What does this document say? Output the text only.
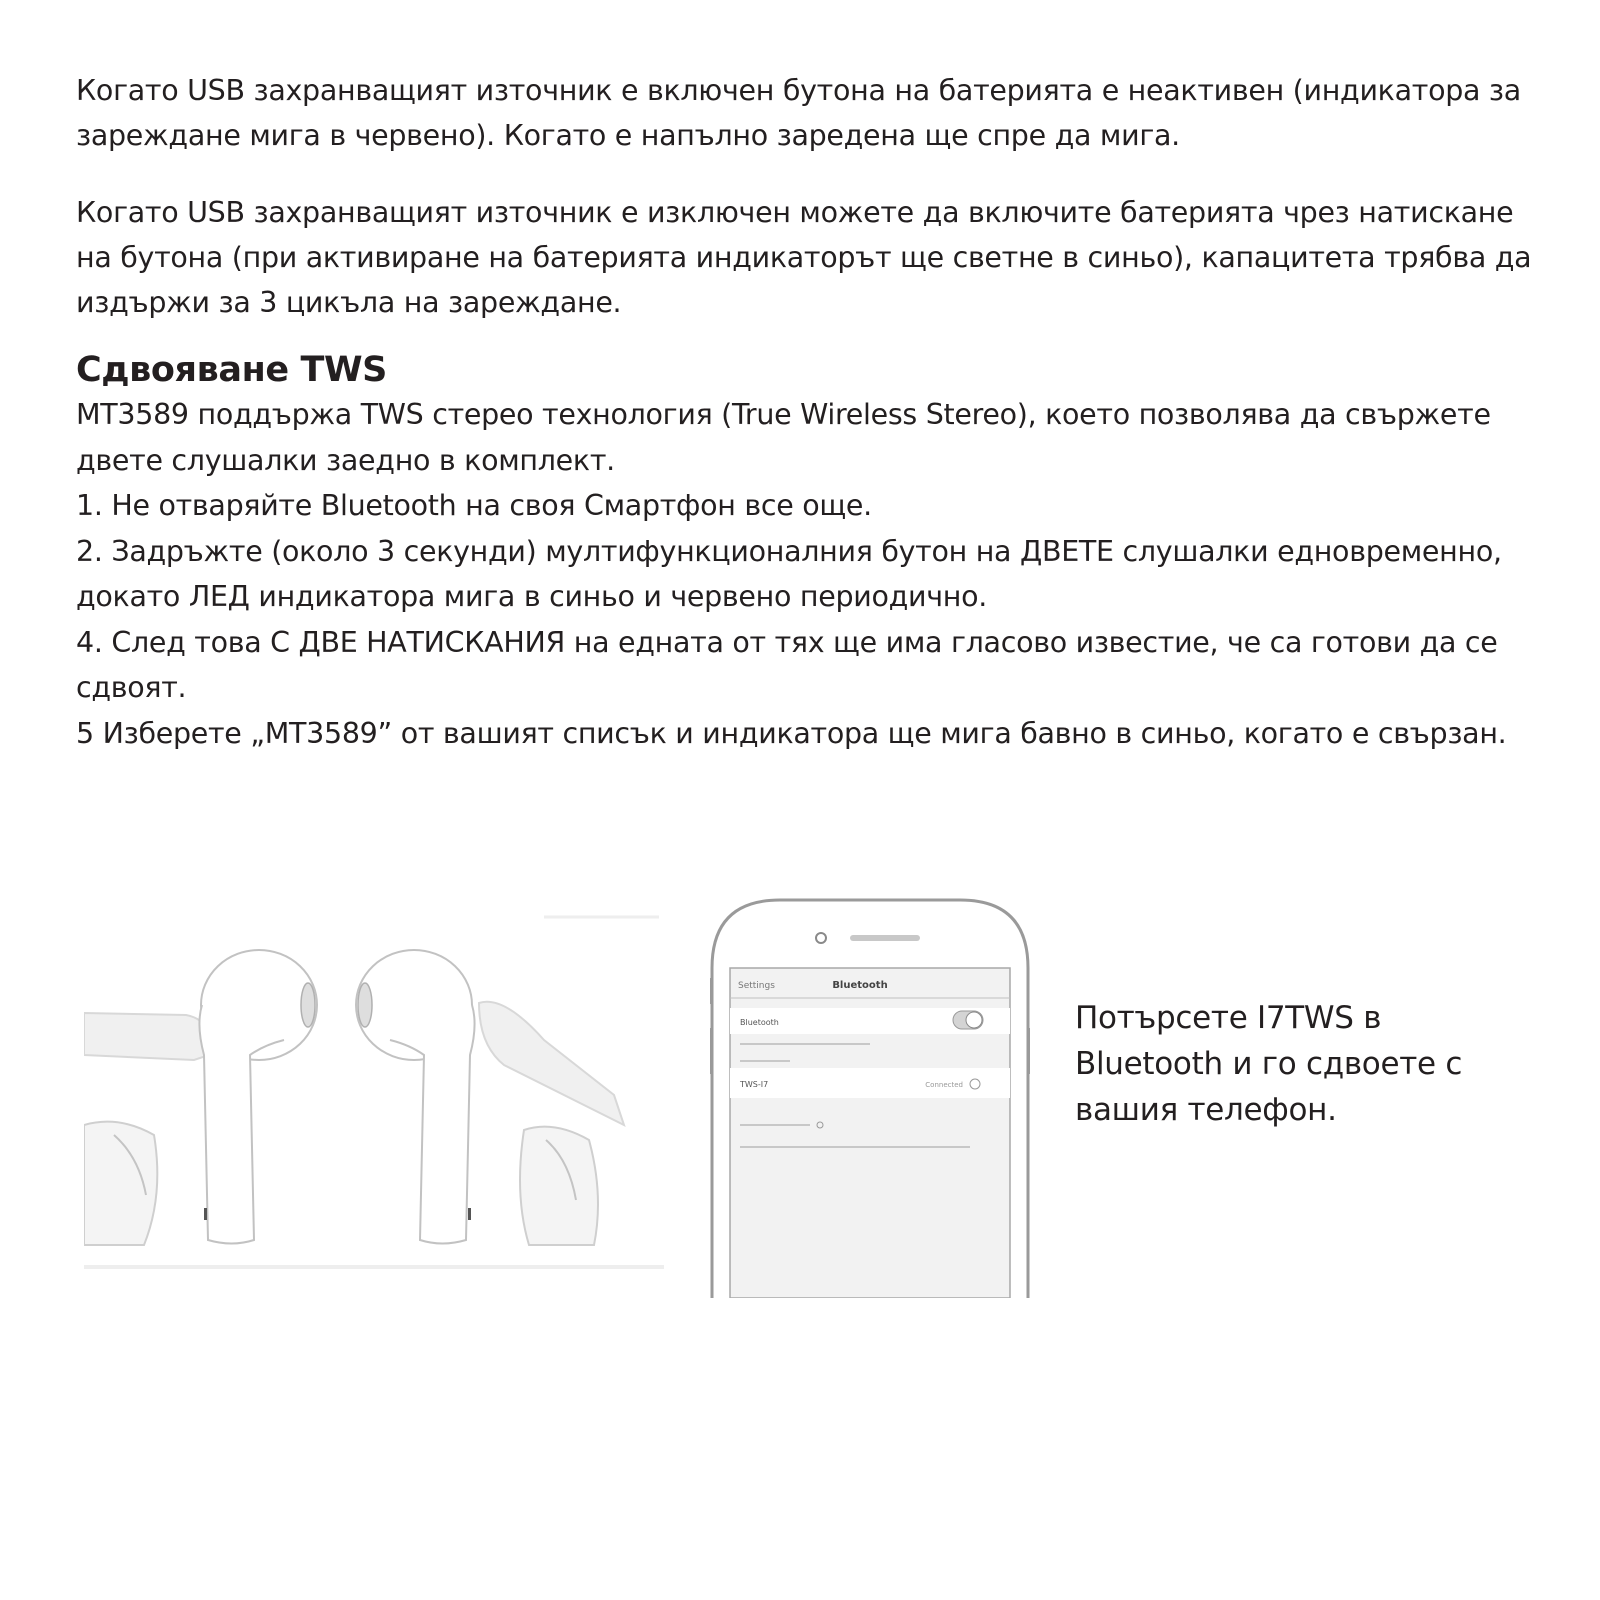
Когато USB захранващият източник е включен бутона на батерията е неактивен (индикатора за зареждане мига в червено). Когато е напълно заредена ще спре да мига.

Когато USB захранващият източник е изключен можете да включите батерията чрез натискане на бутона (при активиране на батерията индикаторът ще светне в синьо), капацитета трябва да издържи за 3 цикъла на зареждане.

Сдвояване TWS

MT3589 поддържа TWS стерео технология (True Wireless Stereo), което позволява да свържете двете слушалки заедно в комплект.

1. Не отваряйте Bluetooth на своя Смартфон все още.

2. Задръжте (около 3 секунди) мултифункционалния бутон на ДВЕТЕ слушалки едновременно, докато ЛЕД индикатора мига в синьо и червено периодично.

4. След това С ДВЕ НАТИСКАНИЯ на едната от тях ще има гласово известие, че са готови да се сдвоят.

5 Изберете „MT3589” от вашият списък и индикатора ще мига бавно в синьо, когато е свързан.

Settings	Bluetooth
Bluetooth
TWS-I7	Connected

Потърсете I7TWS в Bluetooth и го сдвоете с вашия телефон.
